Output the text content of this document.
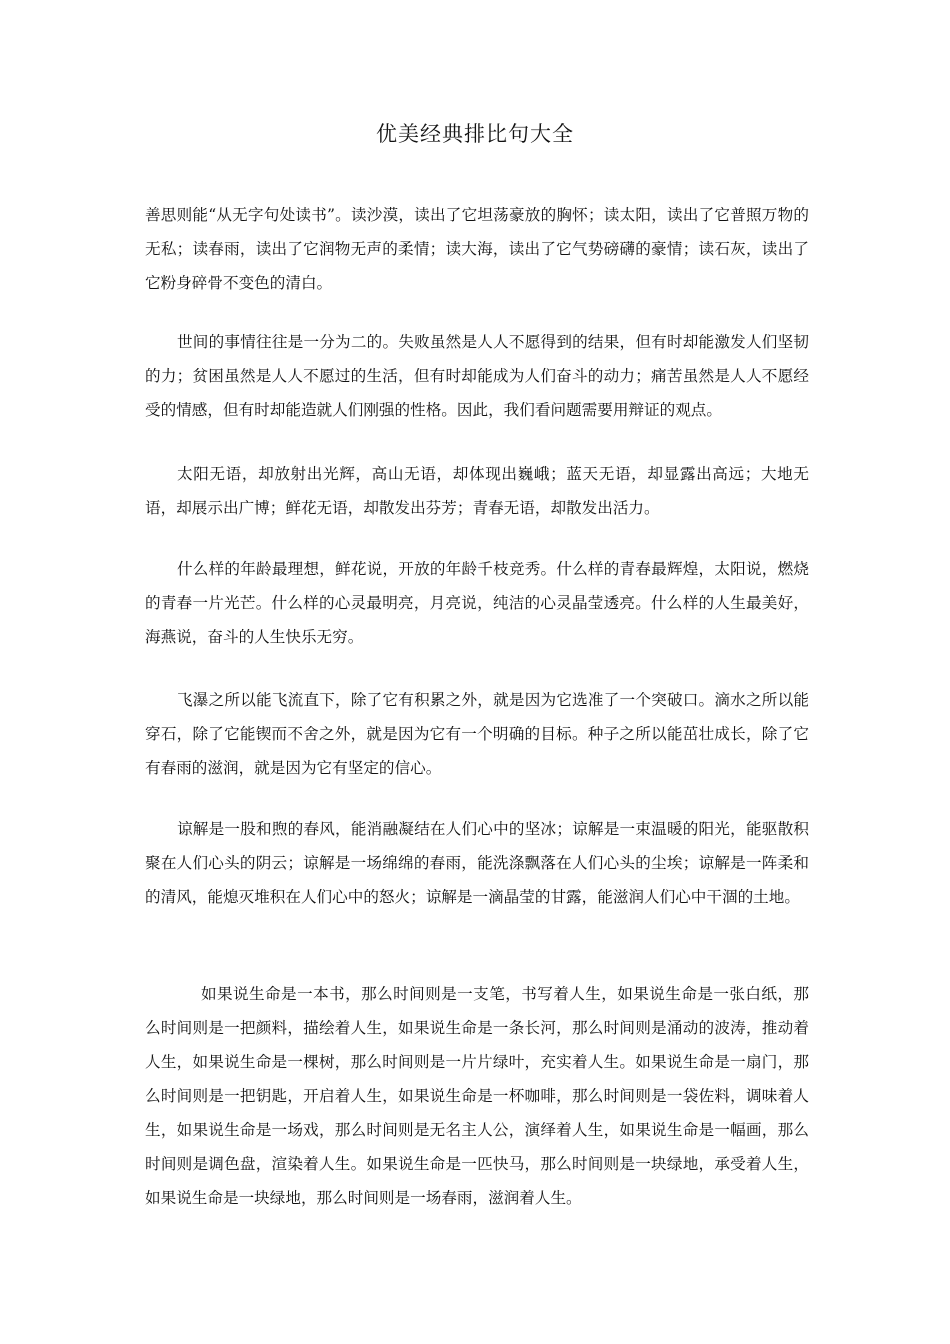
优美经典排比句大全

善思则能“从无字句处读书”。读沙漠，读出了它坦荡豪放的胸怀；读太阳，读出了它普照万物的无私；读春雨，读出了它润物无声的柔情；读大海，读出了它气势磅礴的豪情；读石灰，读出了它粉身碎骨不变色的清白。

世间的事情往往是一分为二的。失败虽然是人人不愿得到的结果，但有时却能激发人们坚韧的力；贫困虽然是人人不愿过的生活，但有时却能成为人们奋斗的动力；痛苦虽然是人人不愿经受的情感，但有时却能造就人们刚强的性格。因此，我们看问题需要用辩证的观点。

太阳无语，却放射出光辉，高山无语，却体现出巍峨；蓝天无语，却显露出高远；大地无语，却展示出广博；鲜花无语，却散发出芬芳；青春无语，却散发出活力。

什么样的年龄最理想，鲜花说，开放的年龄千枝竞秀。什么样的青春最辉煌，太阳说，燃烧的青春一片光芒。什么样的心灵最明亮，月亮说，纯洁的心灵晶莹透亮。什么样的人生最美好，海燕说，奋斗的人生快乐无穷。

飞瀑之所以能飞流直下，除了它有积累之外，就是因为它选准了一个突破口。滴水之所以能穿石，除了它能锲而不舍之外，就是因为它有一个明确的目标。种子之所以能茁壮成长，除了它有春雨的滋润，就是因为它有坚定的信心。

谅解是一股和煦的春风，能消融凝结在人们心中的坚冰；谅解是一束温暖的阳光，能驱散积聚在人们心头的阴云；谅解是一场绵绵的春雨，能洗涤飘落在人们心头的尘埃；谅解是一阵柔和的清风，能熄灭堆积在人们心中的怒火；谅解是一滴晶莹的甘露，能滋润人们心中干涸的土地。

如果说生命是一本书，那么时间则是一支笔，书写着人生，如果说生命是一张白纸，那么时间则是一把颜料，描绘着人生，如果说生命是一条长河，那么时间则是涌动的波涛，推动着人生，如果说生命是一棵树，那么时间则是一片片绿叶，充实着人生。如果说生命是一扇门，那么时间则是一把钥匙，开启着人生，如果说生命是一杯咖啡，那么时间则是一袋佐料，调味着人生，如果说生命是一场戏，那么时间则是无名主人公，演绎着人生，如果说生命是一幅画，那么时间则是调色盘，渲染着人生。如果说生命是一匹快马，那么时间则是一块绿地，承受着人生，如果说生命是一块绿地，那么时间则是一场春雨，滋润着人生。
